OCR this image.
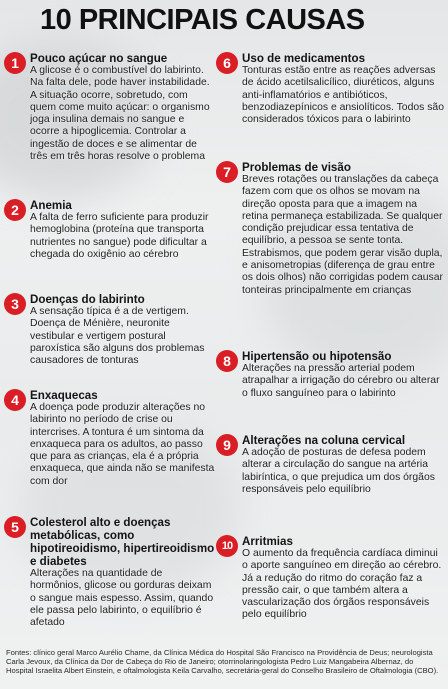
10 PRINCIPAIS CAUSAS
1 Pouco açúcar no sangue

A glicose é o combustível do labirinto. Na falta dele, pode haver instabilidade. A situação ocorre, sobretudo, com quem come muito açúcar: o organismo joga insulina demais no sangue e ocorre a hipoglicemia. Controlar a ingestão de doces e se alimentar de três em três horas resolve o problema

2 Anemia

A falta de ferro suficiente para produzir hemoglobina (proteína que transporta nutrientes no sangue) pode dificultar a chegada do oxigênio ao cérebro

3 Doenças do labirinto

A sensação típica é a de vertigem. Doença de Ménière, neuronite vestibular e vertigem postural paroxística são alguns dos problemas causadores de tonturas

4 Enxaquecas

A doença pode produzir alterações no labirinto no período de crise ou intercrises. A tontura é um sintoma da enxaqueca para os adultos, ao passo que para as crianças, ela é a própria enxaqueca, que ainda não se manifesta com dor

5 Colesterol alto e doenças metabólicas, como hipotireoidismo, hipertireoidismo e diabetes

Alterações na quantidade de hormônios, glicose ou gorduras deixam o sangue mais espesso. Assim, quando ele passa pelo labirinto, o equilíbrio é afetado

6 Uso de medicamentos

Tonturas estão entre as reações adversas de ácido acetilsalicílico, diuréticos, alguns anti-inflamatórios e antibióticos, benzodiazepínicos e ansiolíticos. Todos são considerados tóxicos para o labirinto

7 Problemas de visão

Breves rotações ou translações da cabeça fazem com que os olhos se movam na direção oposta para que a imagem na retina permaneça estabilizada. Se qualquer condição prejudicar essa tentativa de equilíbrio, a pessoa se sente tonta. Estrabismos, que podem gerar visão dupla, e anisometropias (diferença de grau entre os dois olhos) não corrigidas podem causar tonteiras principalmente em crianças

8 Hipertensão ou hipotensão

Alterações na pressão arterial podem atrapalhar a irrigação do cérebro ou alterar o fluxo sanguíneo para o labirinto

9 Alterações na coluna cervical

A adoção de posturas de defesa podem alterar a circulação do sangue na artéria labiríntica, o que prejudica um dos órgãos responsáveis pelo equilíbrio

10 Arritmias

O aumento da frequência cardíaca diminui o aporte sanguíneo em direção ao cérebro. Já a redução do ritmo do coração faz a pressão cair, o que também altera a vascularização dos órgãos responsáveis pelo equilíbrio

Fontes: clínico geral Marco Aurélio Chame, da Clínica Médica do Hospital São Francisco na Providência de Deus; neurologista Carla Jevoux, da Clínica da Dor de Cabeça do Rio de Janeiro; otorrinolaringologista Pedro Luiz Mangabeira Albernaz, do Hospital Israelita Albert Einstein, e oftalmologista Keila Carvalho, secretária-geral do Conselho Brasileiro de Oftalmologia (CBO).
